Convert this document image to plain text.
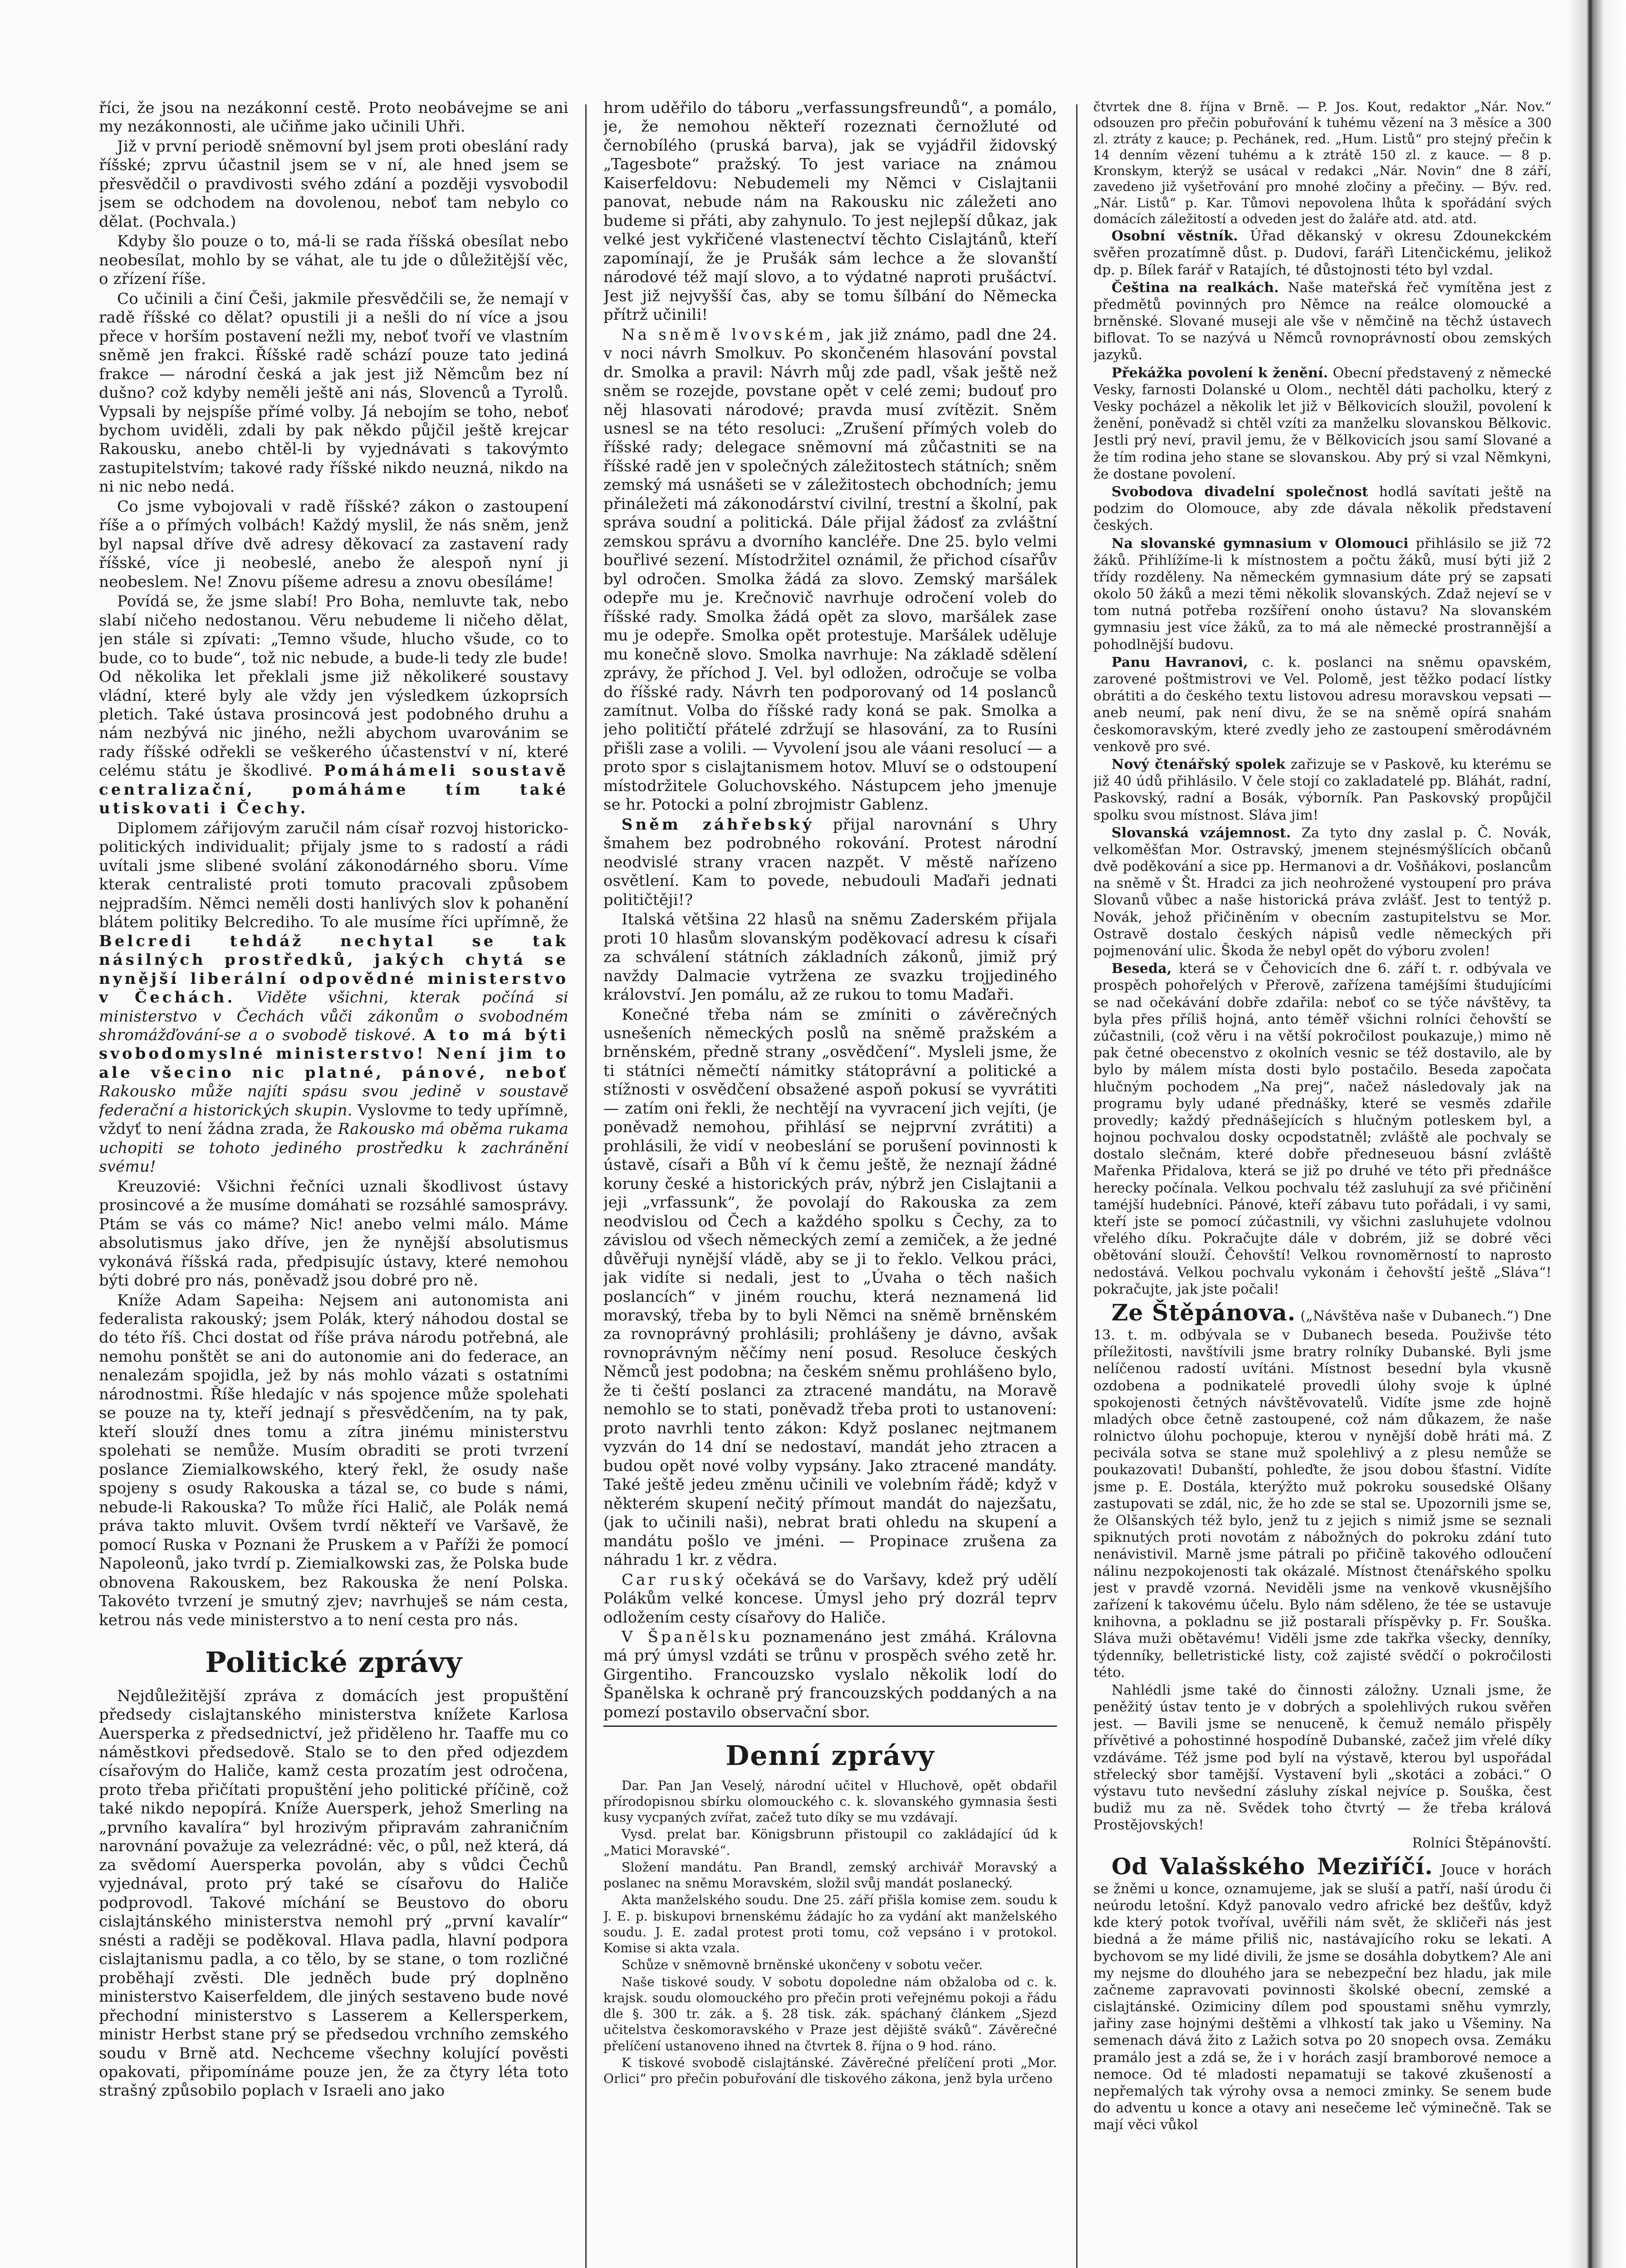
říci, že jsou na nezákonní cestě. Proto neobávejme se ani my nezákonnosti, ale učiňme jako učinili Uhři.

Již v první periodě sněmovní byl jsem proti obeslání rady říšské; zprvu účastnil jsem se v ní, ale hned jsem se přesvědčil o pravdivosti svého zdání a později vysvobodil jsem se odchodem na dovolenou, neboť tam nebylo co dělat. (Pochvala.)

Kdyby šlo pouze o to, má-li se rada říšská obesílat nebo neobesílat, mohlo by se váhat, ale tu jde o důležitější věc, o zřízení říše.

Co učinili a činí Češi, jakmile přesvědčili se, že nemají v radě říšské co dělat? opustili ji a nešli do ní více a jsou přece v horším postavení nežli my, neboť tvoří ve vlastním sněmě jen frakci. Říšské radě schází pouze tato jediná frakce — národní česká a jak jest již Němcům bez ní dušno? což kdyby neměli ještě ani nás, Slovenců a Tyrolů. Vypsali by nejspíše přímé volby. Já nebojím se toho, neboť bychom uviděli, zdali by pak někdo půjčil ještě krejcar Rakousku, anebo chtěl-li by vyjednávati s takovýmto zastupitelstvím; takové rady říšské nikdo neuzná, nikdo na ni nic nebo nedá.

Co jsme vybojovali v radě říšské? zákon o zastoupení říše a o přímých volbách! Každý myslil, že nás sněm, jenž byl napsal dříve dvě adresy děkovací za zastavení rady říšské, více ji neobeslé, anebo že alespoň nyní ji neobeslem. Ne! Znovu píšeme adresu a znovu obesíláme!

Povídá se, že jsme slabí! Pro Boha, nemluvte tak, nebo slabí ničeho nedostanou. Věru nebudeme li ničeho dělat, jen stále si zpívati: „Temno všude, hlucho všude, co to bude, co to bude“, tož nic nebude, a bude-li tedy zle bude! Od několika let překlali jsme již několikeré soustavy vládní, které byly ale vždy jen výsledkem úzkoprsích pletich. Také ústava prosincová jest podobného druhu a nám nezbývá nic jiného, nežli abychom uvarovánim se rady říšské odřekli se veškerého účastenství v ní, které celému státu je škodlivé. Pomáhámeli soustavě centralizační, pomáháme tím také utiskovati i Čechy.

Diplomem zářijovým zaručil nám císař rozvoj historicko-politických individualit; přijaly jsme to s radostí a rádi uvítali jsme slibené svolání zákonodárného sboru. Víme kterak centralisté proti tomuto pracovali způsobem nejpradším. Němci neměli dosti hanlivých slov k pohanění blátem politiky Belcrediho. To ale musíme říci upřímně, že Belcredi tehdáž nechytal se tak násilných prostředků, jakých chytá se nynější liberální odpovědné ministerstvo v Čechách. Viděte všichni, kterak počíná si ministerstvo v Čechách vůči zákonům o svobodném shromážďování-se a o svobodě tiskové. A to má býti svobodomyslné ministerstvo! Není jim to ale všecino nic platné, pánové, neboť Rakousko může najíti spásu svou jedině v soustavě federační a historických skupin. Vyslovme to tedy upřímně, vždyť to není žádna zrada, že Rakousko má oběma rukama uchopiti se tohoto jediného prostředku k zachránění svému!

Kreuzovié: Všichni řečníci uznali škodlivost ústavy prosincové a že musíme domáhati se rozsáhlé samosprávy. Ptám se vás co máme? Nic! anebo velmi málo. Máme absolutismus jako dříve, jen že nynější absolutismus vykonává říšská rada, předpisujíc ústavy, které nemohou býti dobré pro nás, poněvadž jsou dobré pro ně.

Kníže Adam Sapeiha: Nejsem ani autonomista ani federalista rakouský; jsem Polák, který náhodou dostal se do této říš. Chci dostat od říše práva národu potřebná, ale nemohu ponštět se ani do autonomie ani do federace, an nenalezám spojidla, jež by nás mohlo vázati s ostatními národnostmi. Říše hledajíc v nás spojence může spolehati se pouze na ty, kteří jednají s přesvědčením, na ty pak, kteří slouží dnes tomu a zítra jinému ministerstvu spolehati se nemůže. Musím obraditi se proti tvrzení poslance Ziemialkowského, který řekl, že osudy naše spojeny s osudy Rakouska a tázal se, co bude s námi, nebude-li Rakouska? To může říci Halič, ale Polák nemá práva takto mluvit. Ovšem tvrdí někteří ve Varšavě, že pomocí Ruska v Poznani že Pruskem a v Paříži že pomocí Napoleonů, jako tvrdí p. Ziemialkowski zas, že Polska bude obnovena Rakouskem, bez Rakouska že není Polska. Takovéto tvrzení je smutný zjev; navrhuješ se nám cesta, ketrou nás vede ministerstvo a to není cesta pro nás.

Politické zprávy

Nejdůležitější zpráva z domácích jest propuštění předsedy cislajtanského ministerstva knížete Karlosa Auersperka z předsednictví, jež přiděleno hr. Taaffe mu co náměstkovi předsedově. Stalo se to den před odjezdem císařovým do Haliče, kamž cesta prozatím jest odročena, proto třeba přičítati propuštění jeho politické příčině, což také nikdo nepopírá. Kníže Auersperk, jehož Smerling na „prvního kavalíra“ byl hrozivým připravám zahraničním narovnání považuje za velezrádné: věc, o půl, než která, dá za svědomí Auersperka povolán, aby s vůdci Čechů vyjednával, proto prý také se císařovu do Haliče podprovodl. Takové míchání se Beustovo do oboru cislajtánského ministerstva nemohl prý „první kavalír“ snésti a raději se poděkoval. Hlava padla, hlavní podpora cislajtanismu padla, a co tělo, by se stane, o tom rozličné proběhají zvěsti. Dle jedněch bude prý doplněno ministerstvo Kaiserfeldem, dle jiných sestaveno bude nové přechodní ministerstvo s Lasserem a Kellersperkem, ministr Herbst stane prý se předsedou vrchního zemského soudu v Brně atd. Nechceme všechny kolující pověsti opakovati, připomínáme pouze jen, že za čtyry léta toto strašný způsobilo poplach v Israeli ano jako

hrom uděřilo do táboru „verfassungsfreundů“, a pomálo, je, že nemohou někteří rozeznati černožluté od černobílého (pruská barva), jak se vyjádřil židovský „Tagesbote“ pražský. To jest variace na známou Kaiserfeldovu: Nebudemeli my Němci v Cislajtanii panovat, nebude nám na Rakousku nic záležeti ano budeme si přáti, aby zahynulo. To jest nejlepší důkaz, jak velké jest vykřičené vlastenectví těchto Cislajtánů, kteří zapomínají, že je Prušák sám lechce a že slovanští národové též mají slovo, a to výdatné naproti prušáctví. Jest již nejvyšší čas, aby se tomu šílbání do Německa přítrž učinili!

Na sněmě lvovském, jak již známo, padl dne 24. v noci návrh Smolkuv. Po skončeném hlasování povstal dr. Smolka a pravil: Návrh můj zde padl, však ještě než sněm se rozejde, povstane opět v celé zemi; budouť pro něj hlasovati národové; pravda musí zvítězit. Sněm usnesl se na této resoluci: „Zrušení přímých voleb do říšské rady; delegace sněmovní má zůčastniti se na říšské radě jen v společných záležitostech státních; sněm zemský má usnášeti se v záležitostech obchodních; jemu přináležeti má zákonodárství civilní, trestní a školní, pak správa soudní a politická. Dále přijal žádosť za zvláštní zemskou správu a dvorního kancléře. Dne 25. bylo velmi bouřlivé sezení. Místodržitel oznámil, že přichod císařův byl odročen. Smolka žádá za slovo. Zemský maršálek odepře mu je. Krečnovič navrhuje odročení voleb do říšské rady. Smolka žádá opět za slovo, maršálek zase mu je odepře. Smolka opět protestuje. Maršálek uděluje mu konečně slovo. Smolka navrhuje: Na základě sdělení zprávy, že příchod J. Vel. byl odložen, odročuje se volba do říšské rady. Návrh ten podporovaný od 14 poslanců zamítnut. Volba do říšské rady koná se pak. Smolka a jeho političtí přátelé zdržují se hlasování, za to Rusíni přišli zase a volili. — Vyvolení jsou ale váani resolucí — a proto spor s cislajtanismem hotov. Mluví se o odstoupení místodržitele Goluchovského. Nástupcem jeho jmenuje se hr. Potocki a polní zbrojmistr Gablenz.

Sněm záhřebský přijal narovnání s Uhry šmahem bez podrobného rokování. Protest národní neodvislé strany vracen nazpět. V městě nařízeno osvětlení. Kam to povede, nebudouli Maďaři jednati političtěji!?

Italská většina 22 hlasů na sněmu Zaderském přijala proti 10 hlasům slovanským poděkovací adresu k císaři za schválení státních základních zákonů, jimiž prý navždy Dalmacie vytržena ze svazku trojjediného království. Jen pomálu, až ze rukou to tomu Maďaři.

Konečné třeba nám se zmíniti o závěrečných usnešeních německých poslů na sněmě pražském a brněnském, předně strany „osvědčení“. Mysleli jsme, že ti státníci němečtí námitky státoprávní a politické a stížnosti v osvědčení obsažené aspoň pokusí se vyvrátiti — zatím oni řekli, že nechtějí na vyvracení jich vejíti, (je poněvadž nemohou, přihlásí se nejprvní zvrátiti) a prohlásili, že vidí v neobeslání se porušení povinnosti k ústavě, císaři a Bůh ví k čemu ještě, že neznají žádné koruny české a historických práv, nýbrž jen Cislajtanii a jeji „vrfassunk“, že povolají do Rakouska za zem neodvislou od Čech a každého spolku s Čechy, za to závislou od všech německých zemí a zemiček, a že jedné důvěřuji nynější vládě, aby se ji to řeklo. Velkou práci, jak vidíte si nedali, jest to „Úvaha o těch našich poslancích“ v jiném rouchu, která neznamená lid moravský, třeba by to byli Němci na sněmě brněnském za rovnoprávný prohlásili; prohlášeny je dávno, avšak rovnoprávným něčímy není posud. Resoluce českých Němců jest podobna; na českém sněmu prohlášeno bylo, že ti čeští poslanci za ztracené mandátu, na Moravě nemohlo se to stati, poněvadž třeba proti to ustanovení: proto navrhli tento zákon: Když poslanec nejtmanem vyzván do 14 dní se nedostaví, mandát jeho ztracen a budou opět nové volby vypsány. Jako ztracené mandáty. Také ještě jedeu změnu učinili ve volebním řádě; když v některém skupení nečitý přímout mandát do najezšatu, (jak to učinili naši), nebrat brati ohledu na skupení a mandátu pošlo ve jméni. — Propinace zrušena za náhradu 1 kr. z vědra.

Car ruský očekává se do Varšavy, kdež prý udělí Polákům velké koncese. Úmysl jeho prý dozrál teprv odložením cesty císařovy do Haliče.

V Španělsku poznamenáno jest zmáhá. Královna má prý úmysl vzdáti se trůnu v prospěch svého zetě hr. Girgentiho. Francouzsko vyslalo několik lodí do Španělska k ochraně prý francouzských poddaných a na pomezí postavilo observační sbor.

Denní zprávy

Dar. Pan Jan Veselý, národní učitel v Hluchově, opět obdařil přírodopisnou sbírku olomouckého c. k. slovanského gymnasia šesti kusy vycpaných zvířat, začež tuto díky se mu vzdávají.

Vysd. prelat bar. Königsbrunn přistoupil co zakládající úd k „Matici Moravské“.

Složení mandátu. Pan Brandl, zemský archivář Moravský a poslanec na sněmu Moravském, složil svůj mandát poslanecký.

Akta manželského soudu. Dne 25. září přišla komise zem. soudu k J. E. p. biskupovi brnenskému žádajíc ho za vydání akt manželského soudu. J. E. zadal protest proti tomu, což vepsáno i v protokol. Komise si akta vzala.

Schůze v sněmovně brněnské ukončeny v sobotu večer.

Naše tiskové soudy. V sobotu dopoledne nám obžaloba od c. k. krajsk. soudu olomouckého pro přečin proti veřejnému pokoji a řádu dle §. 300 tr. zák. a §. 28 tisk. zák. spáchaný článkem „Sjezd učitelstva českomoravského v Praze jest dějiště sváků“. Závěrečné přelíčení ustanoveno ihned na čtvrtek 8. října o 9 hod. ráno.

K tiskové svobodě cislajtánské. Závěrečné přelíčení proti „Mor. Orlici“ pro přečin pobuřování dle tiskového zákona, jenž byla určeno

čtvrtek dne 8. října v Brně. — P. Jos. Kout, redaktor „Nár. Nov.“ odsouzen pro přečin pobuřování k tuhému vězení na 3 měsíce a 300 zl. ztráty z kauce; p. Pechánek, red. „Hum. Listů“ pro stejný přečin k 14 denním vězení tuhému a k ztrátě 150 zl. z kauce. — 8 p. Kronskym, kterýž se usácal v redakci „Nár. Novin“ dne 8 září, zavedeno již vyšetřování pro mnohé zločiny a přečiny. — Býv. red. „Nár. Listů“ p. Kar. Tůmovi nepovolena lhůta k spořádání svých domácích záležitostí a odveden jest do žaláře atd. atd. atd.

Osobní věstník. Úřad děkanský v okresu Zdounekckém svěřen prozatímně důst. p. Dudovi, farářì Litenčickému, jelikož dp. p. Bílek farář v Ratajích, té důstojnosti této byl vzdal.

Čeština na realkách. Naše mateřská řeč vymítěna jest z předmětů povinných pro Němce na reálce olomoucké a brněnské. Slované museji ale vše v němčině na těchž ústavech biflovat. To se nazývá u Němců rovnoprávností obou zemských jazyků.

Překážka povolení k ženění. Obecní představený z německé Vesky, farnosti Dolanské u Olom., nechtěl dáti pacholku, který z Vesky pocházel a několik let již v Bělkovicích sloužil, povolení k ženění, poněvadž si chtěl vzíti za manželku slovanskou Bělkovic. Jestli prý neví, pravil jemu, že v Bělkovicích jsou samí Slované a že tím rodina jeho stane se slovanskou. Aby prý si vzal Němkyni, že dostane povolení.

Svobodova divadelní společnost hodlá savítati ještě na podzim do Olomouce, aby zde dávala několik představení českých.

Na slovanské gymnasium v Olomouci přihlásilo se již 72 žáků. Přihlížíme-li k místnostem a počtu žáků, musí býti již 2 třídy rozděleny. Na německém gymnasium dáte prý se zapsati okolo 50 žáků a mezi těmi několik slovanských. Zdaž nejeví se v tom nutná potřeba rozšíření onoho ústavu? Na slovanském gymnasiu jest více žáků, za to má ale německé prostrannější a pohodlnější budovu.

Panu Havranovi, c. k. poslanci na sněmu opavském, zarovené poštmistrovi ve Vel. Polomě, jest těžko podací lístky obrátiti a do českého textu listovou adresu moravskou vepsati — aneb neumí, pak není divu, že se na sněmě opírá snahám českomoravským, které zvedly jeho ze zastoupení směrodávném venkově pro své.

Nový čtenářský spolek zařizuje se v Paskově, ku kterému se již 40 údů přihlásilo. V čele stojí co zakladatelé pp. Bláhát, radní, Paskovský, radní a Bosák, výborník. Pan Paskovský propůjčil spolku svou místnost. Sláva jim!

Slovanská vzájemnost. Za tyto dny zaslal p. Č. Novák, velkoměšťan Mor. Ostravský, jmenem stejnésmýšlících občanů dvě poděkování a sice pp. Hermanovi a dr. Vošňákovi, poslancům na sněmě v Št. Hradci za jich neohrožené vystoupení pro práva Slovanů vůbec a naše historická práva zvlášť. Jest to tentýž p. Novák, jehož přičiněním v obecním zastupitelstvu se Mor. Ostravě dostalo českých nápisů vedle německých při pojmenování ulic. Škoda že nebyl opět do výboru zvolen!

Beseda, která se v Čehovicích dne 6. září t. r. odbývala ve prospěch pohořelých v Přerově, zařízena taméjšími študujícími se nad očekávání dobře zdařila: neboť co se týče návštěvy, ta byla přes příliš hojná, anto téměř všichni rolníci čehovští se zúčastnili, (což věru i na větší pokročilost poukazuje,) mimo ně pak četné obecenstvo z okolních vesnic se též dostavilo, ale by bylo by málem místa dosti bylo postačilo. Beseda započata hlučným pochodem „Na prej“, načež následovaly jak na programu byly udané přednášky, které se vesměs zdařile provedly; každý přednášejících s hlučným potleskem byl, a hojnou pochvalou dosky ocpodstatněl; zvláště ale pochvaly se dostalo slečnám, které dobře předneseuou básní zvláště Mařenka Přidalova, která se již po druhé ve této při přednášce herecky počínala. Velkou pochvalu též zasluhují za své přičinění taméjší hudebníci. Pánové, kteří zábavu tuto pořádali, i vy sami, kteří jste se pomocí zúčastnili, vy všichni zasluhujete vdolnou vřelého díku. Pokračujte dále v dobrém, již se dobré věci obětování slouží. Čehovští! Velkou rovnoměrností to naprosto nedostává. Velkou pochvalu vykonám i čehovští ještě „Sláva“! pokračujte, jak jste počali!

Ze Štěpánova. („Návštěva naše v Dubanech.“) Dne 13. t. m. odbývala se v Dubanech beseda. Použivše této příležitosti, navštívili jsme bratry rolníky Dubanské. Byli jsme nelíčenou radostí uvítáni. Místnost besední byla vkusně ozdobena a podnikatelé provedli úlohy svoje k úplné spokojenosti četných návštěvovatelů. Vidíte jsme zde hojně mladých obce četně zastoupené, což nám důkazem, že naše rolnictvo úlohu pochopuje, kterou v nynější době hráti má. Z pecivála sotva se stane muž spolehlivý a z plesu nemůže se poukazovati! Dubanští, pohleďte, že jsou dobou šťastní. Vidíte jsme p. E. Dostála, kterýžto muž pokroku sousedské Olšany zastupovati se zdál, nic, že ho zde se stal se. Upozornili jsme se, že Olšanských též bylo, jenž tu z jejich s nimiž jsme se seznali spiknutých proti novotám z nábožných do pokroku zdání tuto nenávistivil. Marně jsme pátrali po přičině takového odloučení nálinu nezpokojenosti tak okázalé. Místnost čtenářského spolku jest v pravdě vzorná. Neviděli jsme na venkově vkusnějšího zařízení k takovému účelu. Bylo nám sděleno, že tée se ustavuje knihovna, a pokladnu se již postarali příspěvky p. Fr. Souška. Sláva muži obětavému! Viděli jsme zde takřka všecky, denníky, týdenníky, belletristické listy, což zajisté svědčí o pokročilosti této.

Nahlédli jsme také do činnosti záložny. Uznali jsme, že peněžitý ústav tento je v dobrých a spolehlivých rukou svěřen jest. — Bavili jsme se nenuceně, k čemuž nemálo přispěly přívětivé a pohostinné hospodíně Dubanské, začež jim vřelé díky vzdáváme. Též jsme pod bylí na výstavě, kterou byl uspořádal střelecký sbor tamější. Vystavení byli „skotáci a zobáci.“ O výstavu tuto nevšední zásluhy získal nejvíce p. Souška, čest budiž mu za ně. Svědek toho čtvrtý — že třeba králová Prostějovských!

Rolníci Štěpánovští.

Od Valašského Meziříčí. Jouce v horách se žněmi u konce, oznamujeme, jak se sluší a patří, naší úrodu či neúrodu letošní. Když panovalo vedro africké bez dešťův, když kde který potok tvoříval, uvěřili nám svět, že skličeři nás jest biedná a že máme přiliš nic, nastávajícího roku se lekati. A bychovom se my lidé divili, že jsme se dosáhla dobytkem? Ale ani my nejsme do dlouhého jara se nebezpeční bez hladu, jak mile začneme zapravovati povinnosti školské obecní, zemské a cislajtánské. Ozimiciny dílem pod spoustami sněhu vymrzly, jařiny zase hojnými deštěmi a vlhkostí tak jako u Všeminy. Na semenach dává žito z Lažich sotva po 20 snopech ovsa. Zemáku pramálo jest a zdá se, že i v horách zasjí bramborové nemoce a nemoce. Od té mladosti nepamatuji se takové zkušeností a nepřemalých tak výrohy ovsa a nemoci zminky. Se senem bude do adventu u konce a otavy ani nesečeme leč výminečně. Tak se mají věci vůkol
